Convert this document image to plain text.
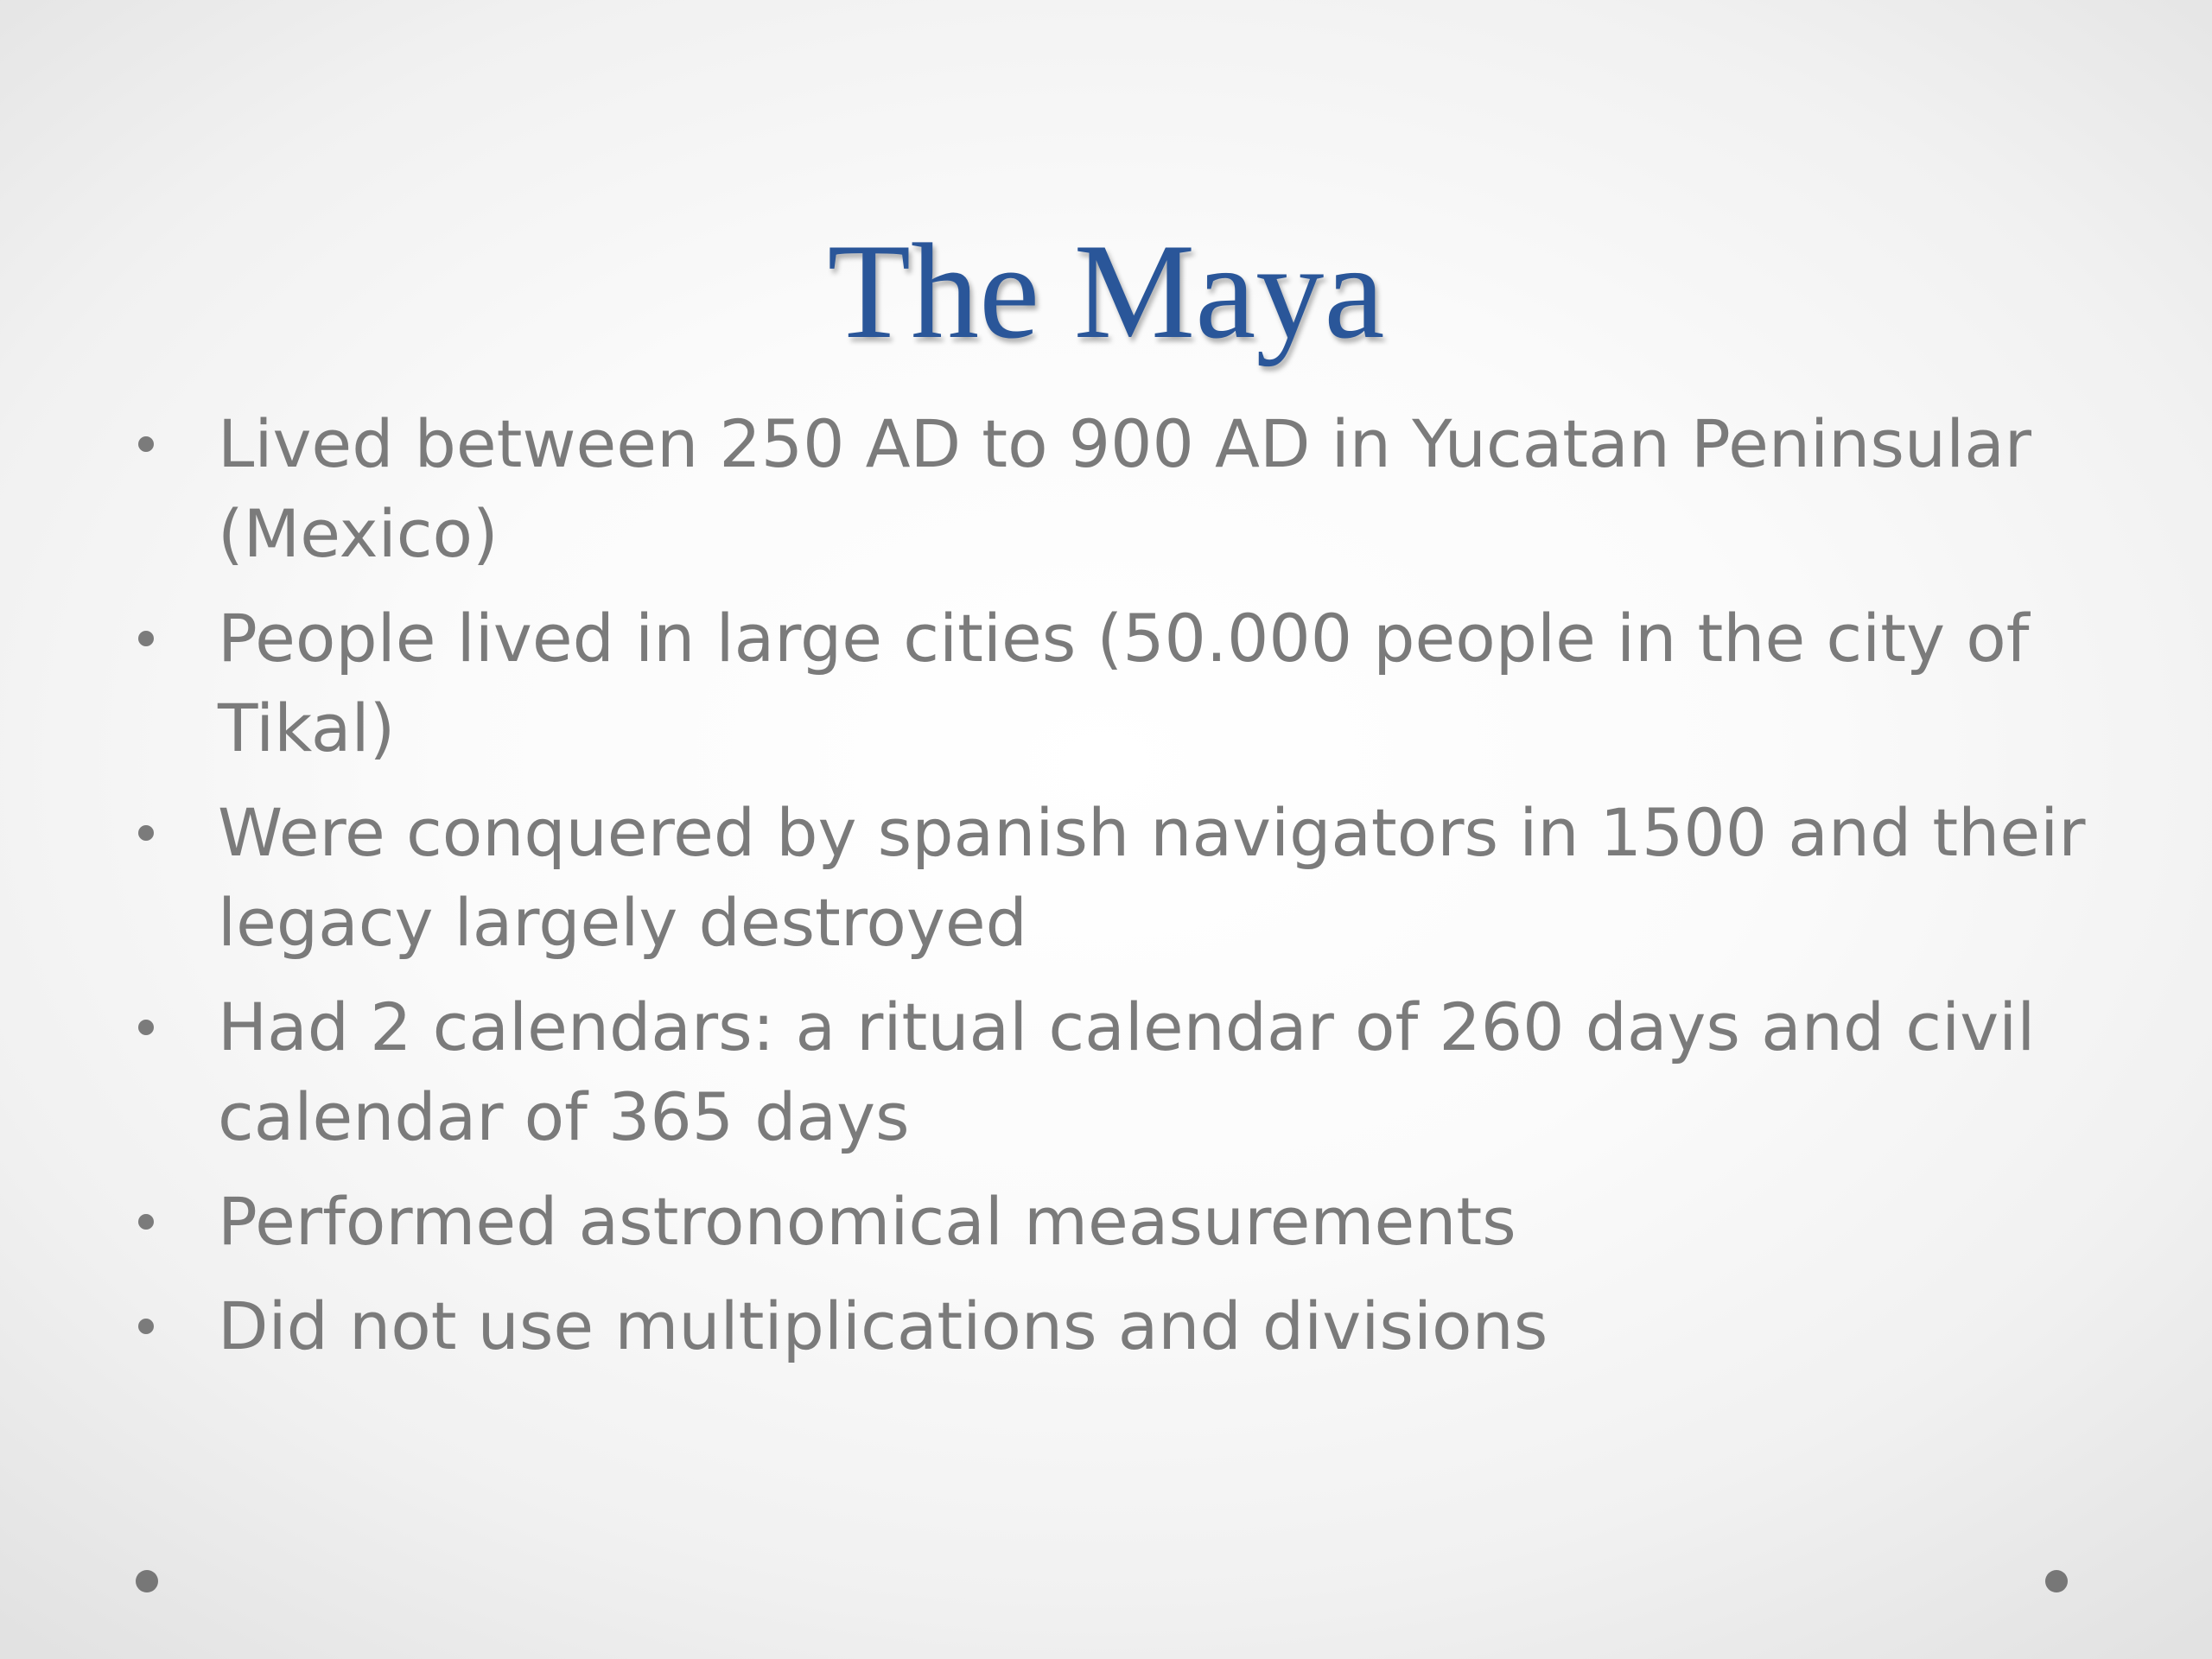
The Maya
Lived between 250 AD to 900 AD in Yucatan Peninsular (Mexico)
People lived in large cities (50.000 people in the city of Tikal)
Were conquered by spanish navigators in 1500 and their legacy largely destroyed
Had 2 calendars: a ritual calendar of 260 days and civil calendar of 365 days
Performed astronomical measurements
Did not use multiplications and divisions
